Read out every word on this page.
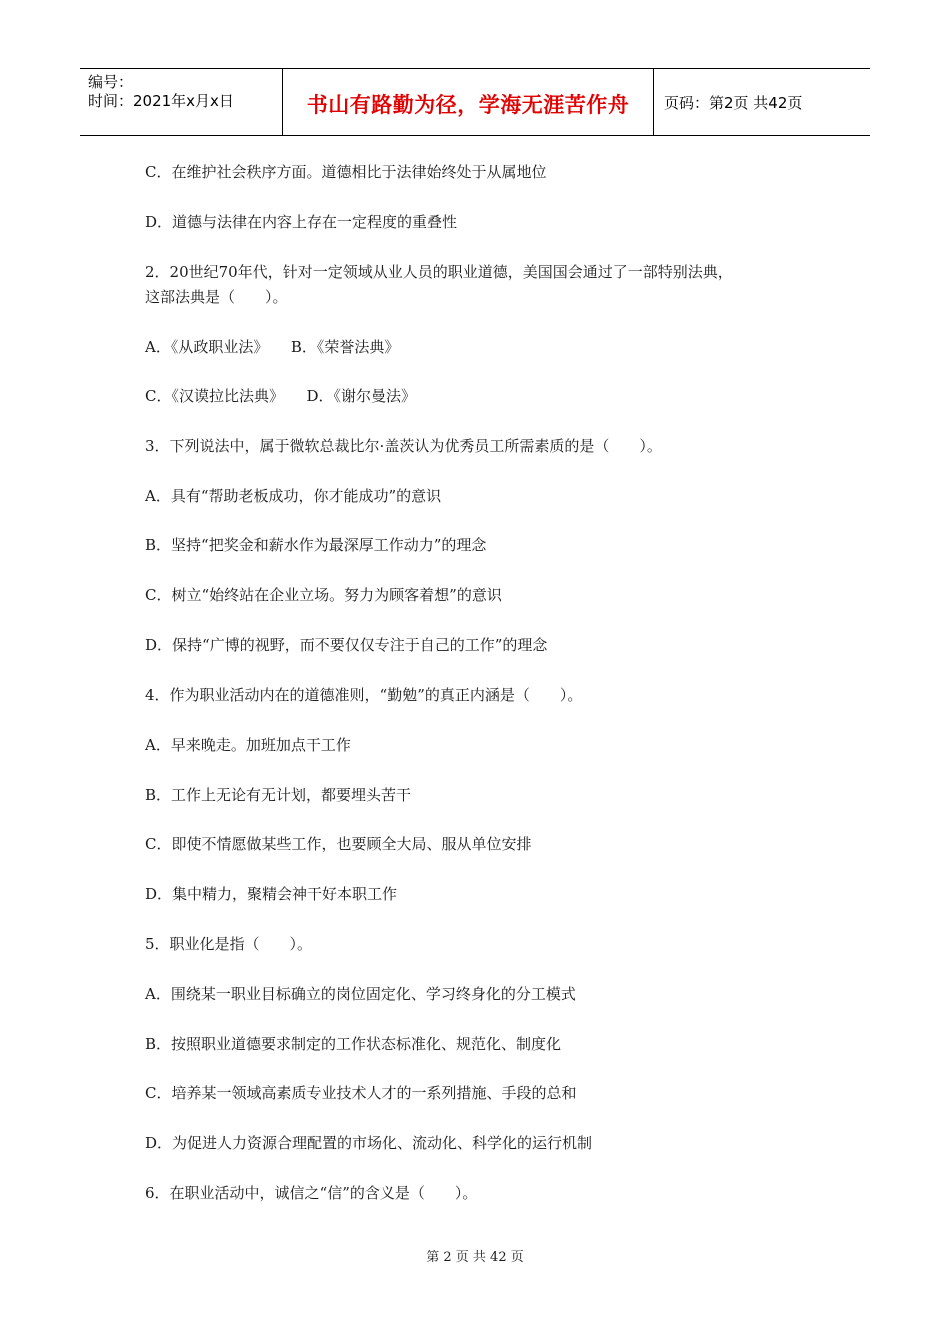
编号：
时间：2021年x月x日	书山有路勤为径，学海无涯苦作舟	页码：第2页 共42页
C．在维护社会秩序方面。道德相比于法律始终处于从属地位
D．道德与法律在内容上存在一定程度的重叠性
2．20世纪70年代，针对一定领域从业人员的职业道德，美国国会通过了一部特别法典，
这部法典是（　　）。
A．《从政职业法》　　B．《荣誉法典》
C．《汉谟拉比法典》　　D．《谢尔曼法》
3．下列说法中，属于微软总裁比尔·盖茨认为优秀员工所需素质的是（　　）。
A．具有“帮助老板成功，你才能成功”的意识
B．坚持“把奖金和薪水作为最深厚工作动力”的理念
C．树立“始终站在企业立场。努力为顾客着想”的意识
D．保持“广博的视野，而不要仅仅专注于自己的工作”的理念
4．作为职业活动内在的道德准则，“勤勉”的真正内涵是（　　）。
A．早来晚走。加班加点干工作
B．工作上无论有无计划，都要埋头苦干
C．即使不情愿做某些工作，也要顾全大局、服从单位安排
D．集中精力，聚精会神干好本职工作
5．职业化是指（　　）。
A．围绕某一职业目标确立的岗位固定化、学习终身化的分工模式
B．按照职业道德要求制定的工作状态标准化、规范化、制度化
C．培养某一领域高素质专业技术人才的一系列措施、手段的总和
D．为促进人力资源合理配置的市场化、流动化、科学化的运行机制
6．在职业活动中，诚信之“信”的含义是（　　）。
第 2 页 共 42 页
